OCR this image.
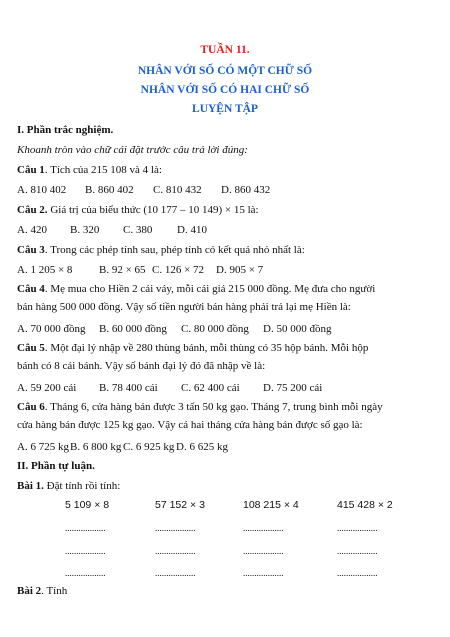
TUẦN 11.
NHÂN VỚI SỐ CÓ MỘT CHỮ SỐ
NHÂN VỚI SỐ CÓ HAI CHỮ SỐ
LUYỆN TẬP
I. Phần trắc nghiệm.
Khoanh tròn vào chữ cái đặt trước câu trả lời đúng:
Câu 1. Tích của 215 108 và 4 là:
A. 810 402 B. 860 402 C. 810 432 D. 860 432
Câu 2. Giá trị của biểu thức (10 177 – 10 149) × 15 là:
A. 420 B. 320 C. 380 D. 410
Câu 3. Trong các phép tính sau, phép tính có kết quả nhỏ nhất là:
A. 1 205 × 8 B. 92 × 65 C. 126 × 72 D. 905 × 7
Câu 4. Mẹ mua cho Hiền 2 cái váy, mỗi cái giá 215 000 đồng. Mẹ đưa cho người
bán hàng 500 000 đồng. Vậy số tiền người bán hàng phải trả lại mẹ Hiền là:
A. 70 000 đồng B. 60 000 đồng C. 80 000 đồng D. 50 000 đồng
Câu 5. Một đại lý nhập về 280 thùng bánh, mỗi thùng có 35 hộp bánh. Mỗi hộp
bánh có 8 cái bánh. Vậy số bánh đại lý đó đã nhập về là:
A. 59 200 cái B. 78 400 cái C. 62 400 cái D. 75 200 cái
Câu 6. Tháng 6, cửa hàng bán được 3 tấn 50 kg gạo. Tháng 7, trung bình mỗi ngày
cửa hàng bán được 125 kg gạo. Vậy cả hai tháng cửa hàng bán được số gạo là:
A. 6 725 kgB. 6 800 kg C. 6 925 kg D. 6 625 kg
II. Phần tự luận.
Bài 1. Đặt tính rồi tính:
5 109 × 8	57 152 × 3	108 215 × 4	415 428 × 2
..................	..................	..................	..................
..................	..................	..................	..................
..................	..................	..................	..................
Bài 2. Tính
